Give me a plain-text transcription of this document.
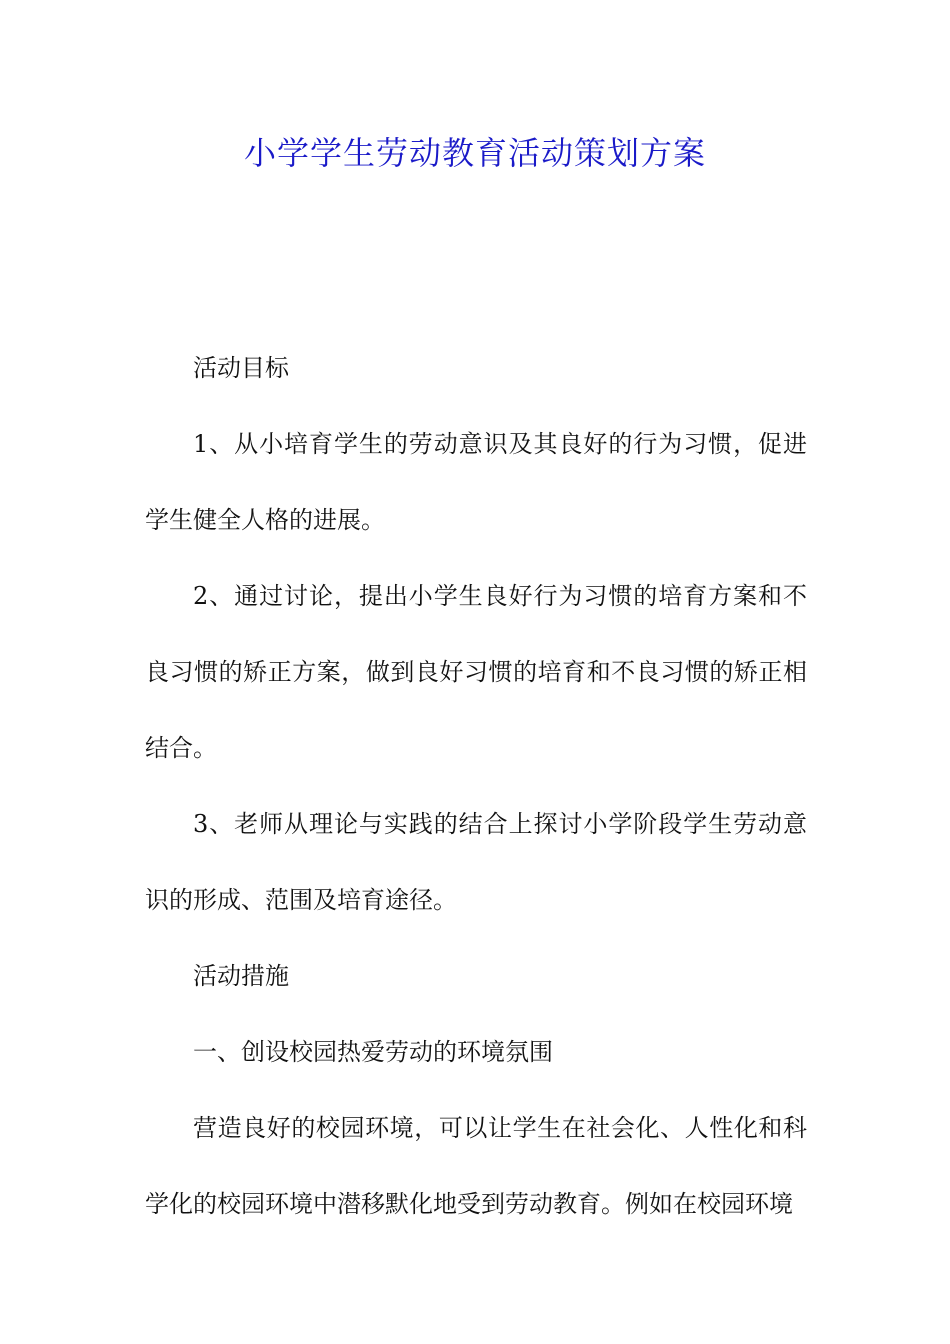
小学学生劳动教育活动策划方案

活动目标

1、从小培育学生的劳动意识及其良好的行为习惯，促进学生健全人格的进展。

2、通过讨论，提出小学生良好行为习惯的培育方案和不良习惯的矫正方案，做到良好习惯的培育和不良习惯的矫正相结合。

3、老师从理论与实践的结合上探讨小学阶段学生劳动意识的形成、范围及培育途径。

活动措施

一、创设校园热爱劳动的环境氛围

营造良好的校园环境，可以让学生在社会化、人性化和科学化的校园环境中潜移默化地受到劳动教育。例如在校园环境
